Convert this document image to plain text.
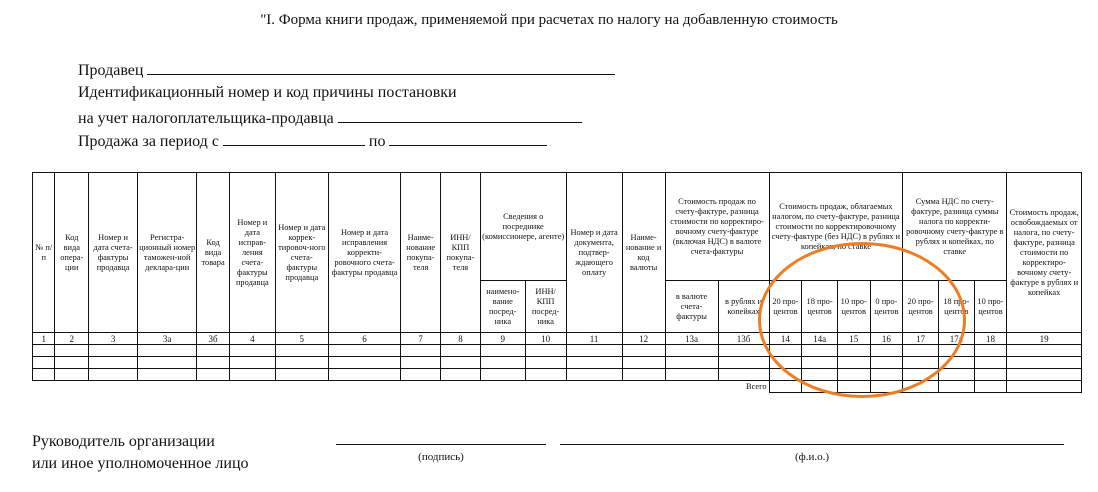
"I. Форма книги продаж, применяемой при расчетах по налогу на добавленную стоимость
Продавец
Идентификационный номер и код причины постановки
на учет налогоплательщика-продавца
Продажа за период с	по
№ п/п	Код вида опера-ции	Номер и дата счета-фактуры продавца	Регистра-ционный номер таможен-ной деклара-ции	Код вида товара	Номер и дата исправ-ления счета-фактуры продавца	Номер и дата коррек-тировоч-ного счета-фактуры продавца	Номер и дата исправления корректи-ровочного счета-фактуры продавца	Наиме-нование покупа-теля	ИНН/ КПП покупа-теля	Сведения о посреднике (комиссионере, агенте)		Номер и дата документа, подтвер-ждающего оплату	Наиме-нование и код валюты	Стоимость продаж по счету-фактуре, разница стоимости по корректиро-вочному счету-фактуре (включая НДС) в валюте счета-фактуры		Стоимость продаж, облагаемых налогом, по счету-фактуре, разница стоимости по корректировочному счету-фактуре (без НДС) в рублях и копейках, по ставке				Сумма НДС по счету-фактуре, разница суммы налога по корректи-ровочному счету-фактуре в рублях и копейках, по ставке			Стоимость продаж, освобождаемых от налога, по счету-фактуре, разница стоимости по корректиро-вочному счету-фактуре в рублях и копейках
										наимено-вание посред-ника	ИНН/ КПП посред-ника			в валюте счета-фактуры	в рублях и копейках	20 про-центов	18 про-центов	10 про-центов	0 про-центов	20 про-центов	18 про-центов	10 про-центов	
1	2	3	3а	3б	4	5	6	7	8	9	10	11	12	13а	13б	14	14а	15	16	17	17а	18	19

Всего																							
Руководитель организации
или иное уполномоченное лицо	(подпись)	(ф.и.о.)
